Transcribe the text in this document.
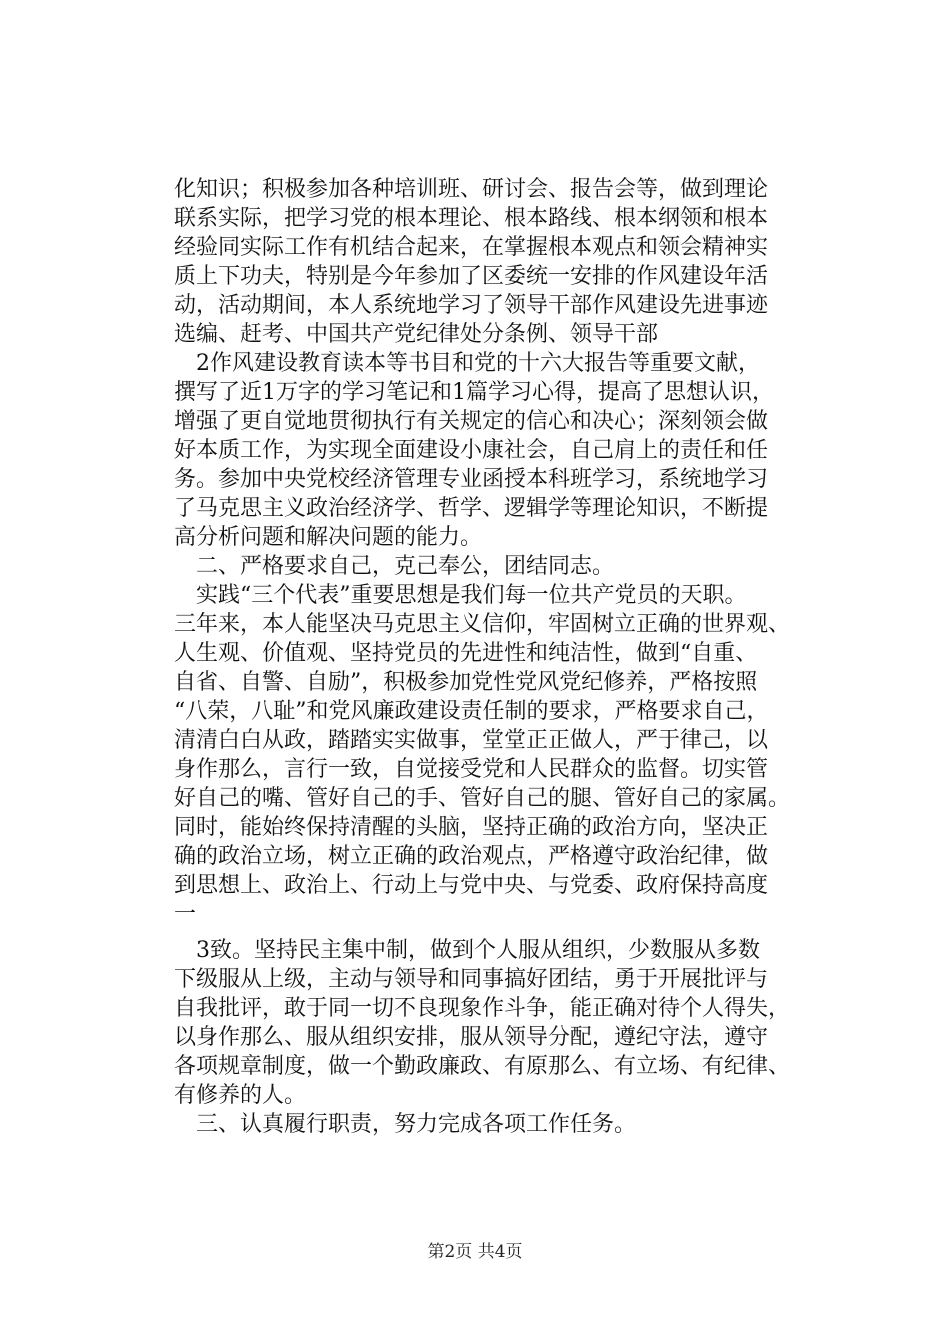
化知识；积极参加各种培训班、研讨会、报告会等，做到理论
联系实际，把学习党的根本理论、根本路线、根本纲领和根本
经验同实际工作有机结合起来，在掌握根本观点和领会精神实
质上下功夫，特别是今年参加了区委统一安排的作风建设年活
动，活动期间，本人系统地学习了领导干部作风建设先进事迹
选编、赶考、中国共产党纪律处分条例、领导干部
　2作风建设教育读本等书目和党的十六大报告等重要文献，
撰写了近1万字的学习笔记和1篇学习心得，提高了思想认识，
增强了更自觉地贯彻执行有关规定的信心和决心；深刻领会做
好本质工作，为实现全面建设小康社会，自己肩上的责任和任
务。参加中央党校经济管理专业函授本科班学习，系统地学习
了马克思主义政治经济学、哲学、逻辑学等理论知识，不断提
高分析问题和解决问题的能力。
　二、严格要求自己，克己奉公，团结同志。
　实践“三个代表”重要思想是我们每一位共产党员的天职。
三年来，本人能坚决马克思主义信仰，牢固树立正确的世界观、
人生观、价值观、坚持党员的先进性和纯洁性，做到“自重、
自省、自警、自励”，积极参加党性党风党纪修养，严格按照
“八荣，八耻”和党风廉政建设责任制的要求，严格要求自己，
清清白白从政，踏踏实实做事，堂堂正正做人，严于律己，以
身作那么，言行一致，自觉接受党和人民群众的监督。切实管
好自己的嘴、管好自己的手、管好自己的腿、管好自己的家属。
同时，能始终保持清醒的头脑，坚持正确的政治方向，坚决正
确的政治立场，树立正确的政治观点，严格遵守政治纪律，做
到思想上、政治上、行动上与党中央、与党委、政府保持高度
一
　3致。坚持民主集中制，做到个人服从组织，少数服从多数
下级服从上级，主动与领导和同事搞好团结，勇于开展批评与
自我批评，敢于同一切不良现象作斗争，能正确对待个人得失，
以身作那么、服从组织安排，服从领导分配，遵纪守法，遵守
各项规章制度，做一个勤政廉政、有原那么、有立场、有纪律、
有修养的人。
　三、认真履行职责，努力完成各项工作任务。
第2页 共4页
